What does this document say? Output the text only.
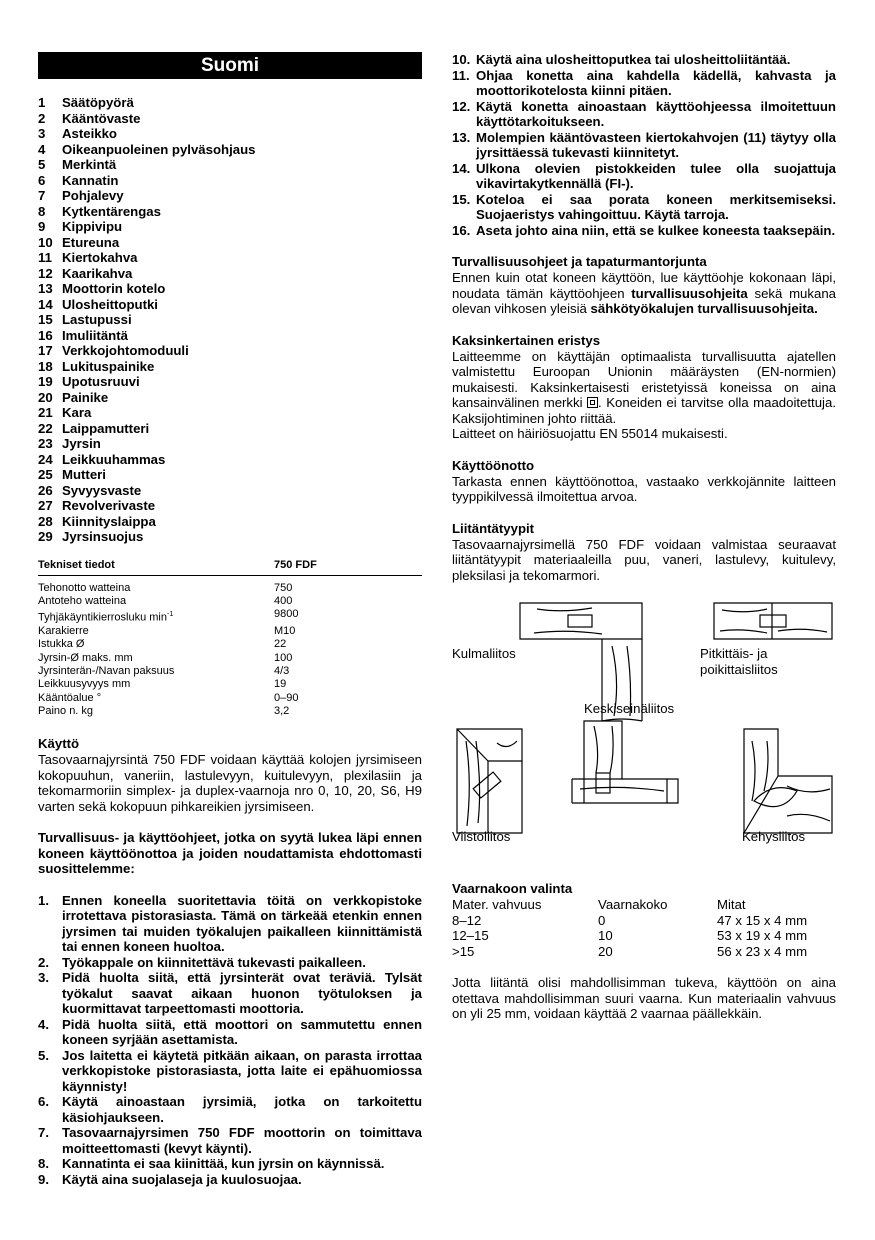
Suomi
1	Säätöpyörä
2	Kääntövaste
3	Asteikko
4	Oikeanpuoleinen pylväsohjaus
5	Merkintä
6	Kannatin
7	Pohjalevy
8	Kytkentärengas
9	Kippivipu
10 Etureuna
11 Kiertokahva
12 Kaarikahva
13 Moottorin kotelo
14 Ulosheittoputki
15 Lastupussi
16 Imuliitäntä
17 Verkkojohtomoduuli
18 Lukituspainike
19 Upotusruuvi
20 Painike
21 Kara
22 Laippamutteri
23 Jyrsin
24 Leikkuuhammas
25 Mutteri
26 Syvyysvaste
27 Revolverivaste
28 Kiinnityslaippa
29 Jyrsinsuojus
Tekniset tiedot	750 FDF
Tehonotto watteina	750
Antoteho watteina	400
Tyhjäkäyntikierrosluku $\min^{-1}$	9800
Karakierre	M10
Istukka Ø	22
Jyrsin-Ø maks. mm	100
Jyrsinterän-/Navan paksuus	4/3
Leikkuusyvyys mm	19
Kääntöalue °	0–90
Paino n. kg	3,2
Käyttö
Tasovaarnajyrsintä 750 FDF voidaan käyttää kolojen jyrsimiseen kokopuuhun, vaneriin, lastulevyyn, kuitulevyyn, plexilasiin ja tekomarmoriin simplex- ja duplex-vaarnoja nro 0, 10, 20, S6, H9 varten sekä kokopuun pihkareikien jyrsimiseen.
Turvallisuus- ja käyttöohjeet, jotka on syytä lukea läpi ennen koneen käyttöönottoa ja joiden noudattamista ehdottomasti suosittelemme:
1. Ennen koneella suoritettavia töitä on verkkopistoke irrotettava pistorasiasta. Tämä on tärkeää etenkin ennen jyrsimen tai muiden työkalujen paikalleen kiinnittämistä tai ennen koneen huoltoa.
2. Työkappale on kiinnitettävä tukevasti paikalleen.
3. Pidä huolta siitä, että jyrsinterät ovat teräviä. Tylsät työkalut saavat aikaan huonon työtuloksen ja kuormittavat tarpeettomasti moottoria.
4. Pidä huolta siitä, että moottori on sammutettu ennen koneen syrjään asettamista.
5. Jos laitetta ei käytetä pitkään aikaan, on parasta irrottaa verkkopistoke pistorasiasta, jotta laite ei epähuomiossa käynnisty!
6. Käytä ainoastaan jyrsimiä, jotka on tarkoitettu käsiohjaukseen.
7. Tasovaarnajyrsimen 750 FDF moottorin on toimittava moitteettomasti (kevyt käynti).
8. Kannatinta ei saa kiinittää, kun jyrsin on käynnissä.
9. Käytä aina suojalaseja ja kuulosuojaa.
10. Käytä aina ulosheittoputkea tai ulosheittoliitäntää.
11. Ohjaa konetta aina kahdella kädellä, kahvasta ja moottorikotelosta kiinni pitäen.
12. Käytä konetta ainoastaan käyttöohjeessa ilmoitettuun käyttötarkoitukseen.
13. Molempien kääntövasteen kiertokahvojen (11) täytyy olla jyrsittäessä tukevasti kiinnitetyt.
14. Ulkona olevien pistokkeiden tulee olla suojattuja vikavirtakytkennällä (FI-).
15. Koteloa ei saa porata koneen merkitsemiseksi. Suojaeristys vahingoittuu. Käytä tarroja.
16. Aseta johto aina niin, että se kulkee koneesta taaksepäin.
Turvallisuusohjeet ja tapaturmantorjunta
Ennen kuin otat koneen käyttöön, lue käyttöohje kokonaan läpi, noudata tämän käyttöohjeen turvallisuusohjeita sekä mukana olevan vihkosen yleisiä sähkötyökalujen turvallisuusohjeita.
Kaksinkertainen eristys
Laitteemme on käyttäjän optimaalista turvallisuutta ajatellen valmistettu Euroopan Unionin määräysten (EN-normien) mukaisesti. Kaksinkertaisesti eristetyissä koneissa on aina kansainvälinen merkki . Koneiden ei tarvitse olla maadoitettuja. Kaksijohtiminen johto riittää.
Laitteet on häiriösuojattu EN 55014 mukaisesti.
Käyttöönotto
Tarkasta ennen käyttöönottoa, vastaako verkkojännite laitteen tyyppikilvessä ilmoitettua arvoa.
Liitäntätyypit
Tasovaarnajyrsimellä 750 FDF voidaan valmistaa seuraavat liitäntätyypit materiaaleilla puu, vaneri, lastulevy, kuitulevy, pleksilasi ja tekomarmori.
Kulmaliitos	Pitkittäis- ja
poikittaisliitos
Keskiseinäliitos
Viistoliitos	Kehysliitos
Vaarnakoon valinta
Mater. vahvuus	Vaarnakoko	Mitat
8–12	0	47 x 15 x 4 mm
12–15	10	53 x 19 x 4 mm
>15	20	56 x 23 x 4 mm
Jotta liitäntä olisi mahdollisimman tukeva, käyttöön on aina otettava mahdollisimman suuri vaarna. Kun materiaalin vahvuus on yli 25 mm, voidaan käyttää 2 vaarnaa päällekkäin.
